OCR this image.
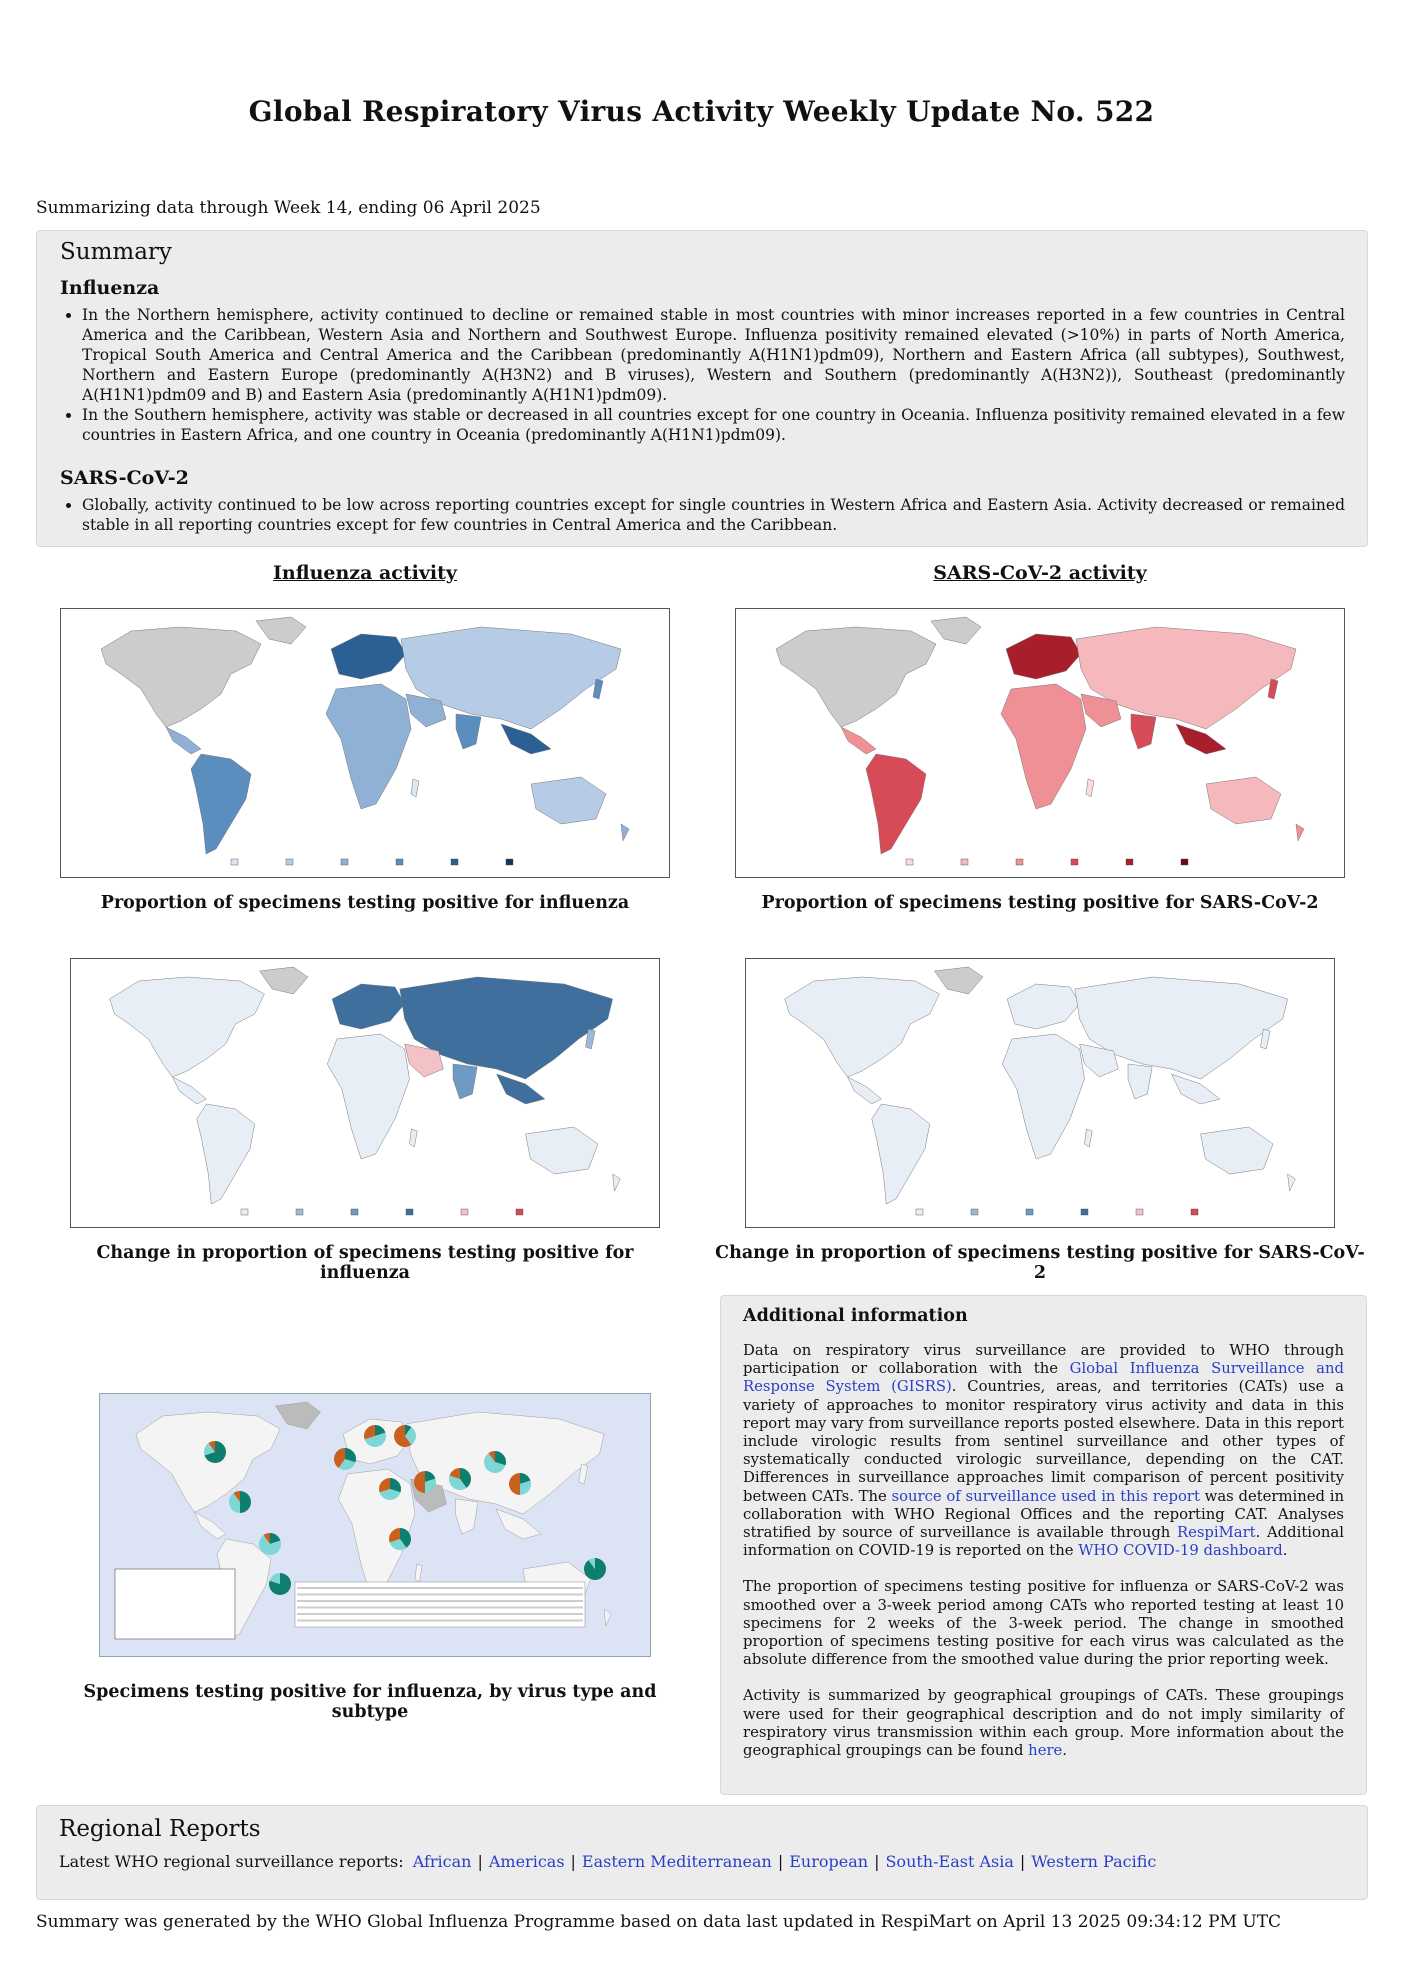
Global Respiratory Virus Activity Weekly Update No. 522
Summarizing data through Week 14, ending 06 April 2025
Summary
Influenza
• In the Northern hemisphere, activity continued to decline or remained stable in most countries with minor increases reported in a few countries in Central America and the Caribbean, Western Asia and Northern and Southwest Europe. Influenza positivity remained elevated (>10%) in parts of North America, Tropical South America and Central America and the Caribbean (predominantly A(H1N1)pdm09), Northern and Eastern Africa (all subtypes), Southwest, Northern and Eastern Europe (predominantly A(H3N2) and B viruses), Western and Southern (predominantly A(H3N2)), Southeast (predominantly A(H1N1)pdm09 and B) and Eastern Asia (predominantly A(H1N1)pdm09).
• In the Southern hemisphere, activity was stable or decreased in all countries except for one country in Oceania. Influenza positivity remained elevated in a few countries in Eastern Africa, and one country in Oceania (predominantly A(H1N1)pdm09).
SARS-CoV-2
• Globally, activity continued to be low across reporting countries except for single countries in Western Africa and Eastern Asia. Activity decreased or remained stable in all reporting countries except for few countries in Central America and the Caribbean.
Influenza activity	SARS-CoV-2 activity
Proportion of specimens testing positive for influenza	Proportion of specimens testing positive for SARS-CoV-2
Change in proportion of specimens testing positive for influenza
Change in proportion of specimens testing positive for SARS-CoV-2
Specimens testing positive for influenza, by virus type and subtype
Additional information

Data on respiratory virus surveillance are provided to WHO through participation or collaboration with the Global Influenza Surveillance and Response System (GISRS). Countries, areas, and territories (CATs) use a variety of approaches to monitor respiratory virus activity and data in this report may vary from surveillance reports posted elsewhere. Data in this report include virologic results from sentinel surveillance and other types of systematically conducted virologic surveillance, depending on the CAT. Differences in surveillance approaches limit comparison of percent positivity between CATs. The source of surveillance used in this report was determined in collaboration with WHO Regional Offices and the reporting CAT. Analyses stratified by source of surveillance is available through RespiMart. Additional information on COVID-19 is reported on the WHO COVID-19 dashboard.

The proportion of specimens testing positive for influenza or SARS-CoV-2 was smoothed over a 3-week period among CATs who reported testing at least 10 specimens for 2 weeks of the 3-week period. The change in smoothed proportion of specimens testing positive for each virus was calculated as the absolute difference from the smoothed value during the prior reporting week.

Activity is summarized by geographical groupings of CATs. These groupings were used for their geographical description and do not imply similarity of respiratory virus transmission within each group. More information about the geographical groupings can be found here.

Regional Reports
Latest WHO regional surveillance reports: African | Americas | Eastern Mediterranean | European | South-East Asia | Western Pacific
Summary was generated by the WHO Global Influenza Programme based on data last updated in RespiMart on April 13 2025 09:34:12 PM UTC
